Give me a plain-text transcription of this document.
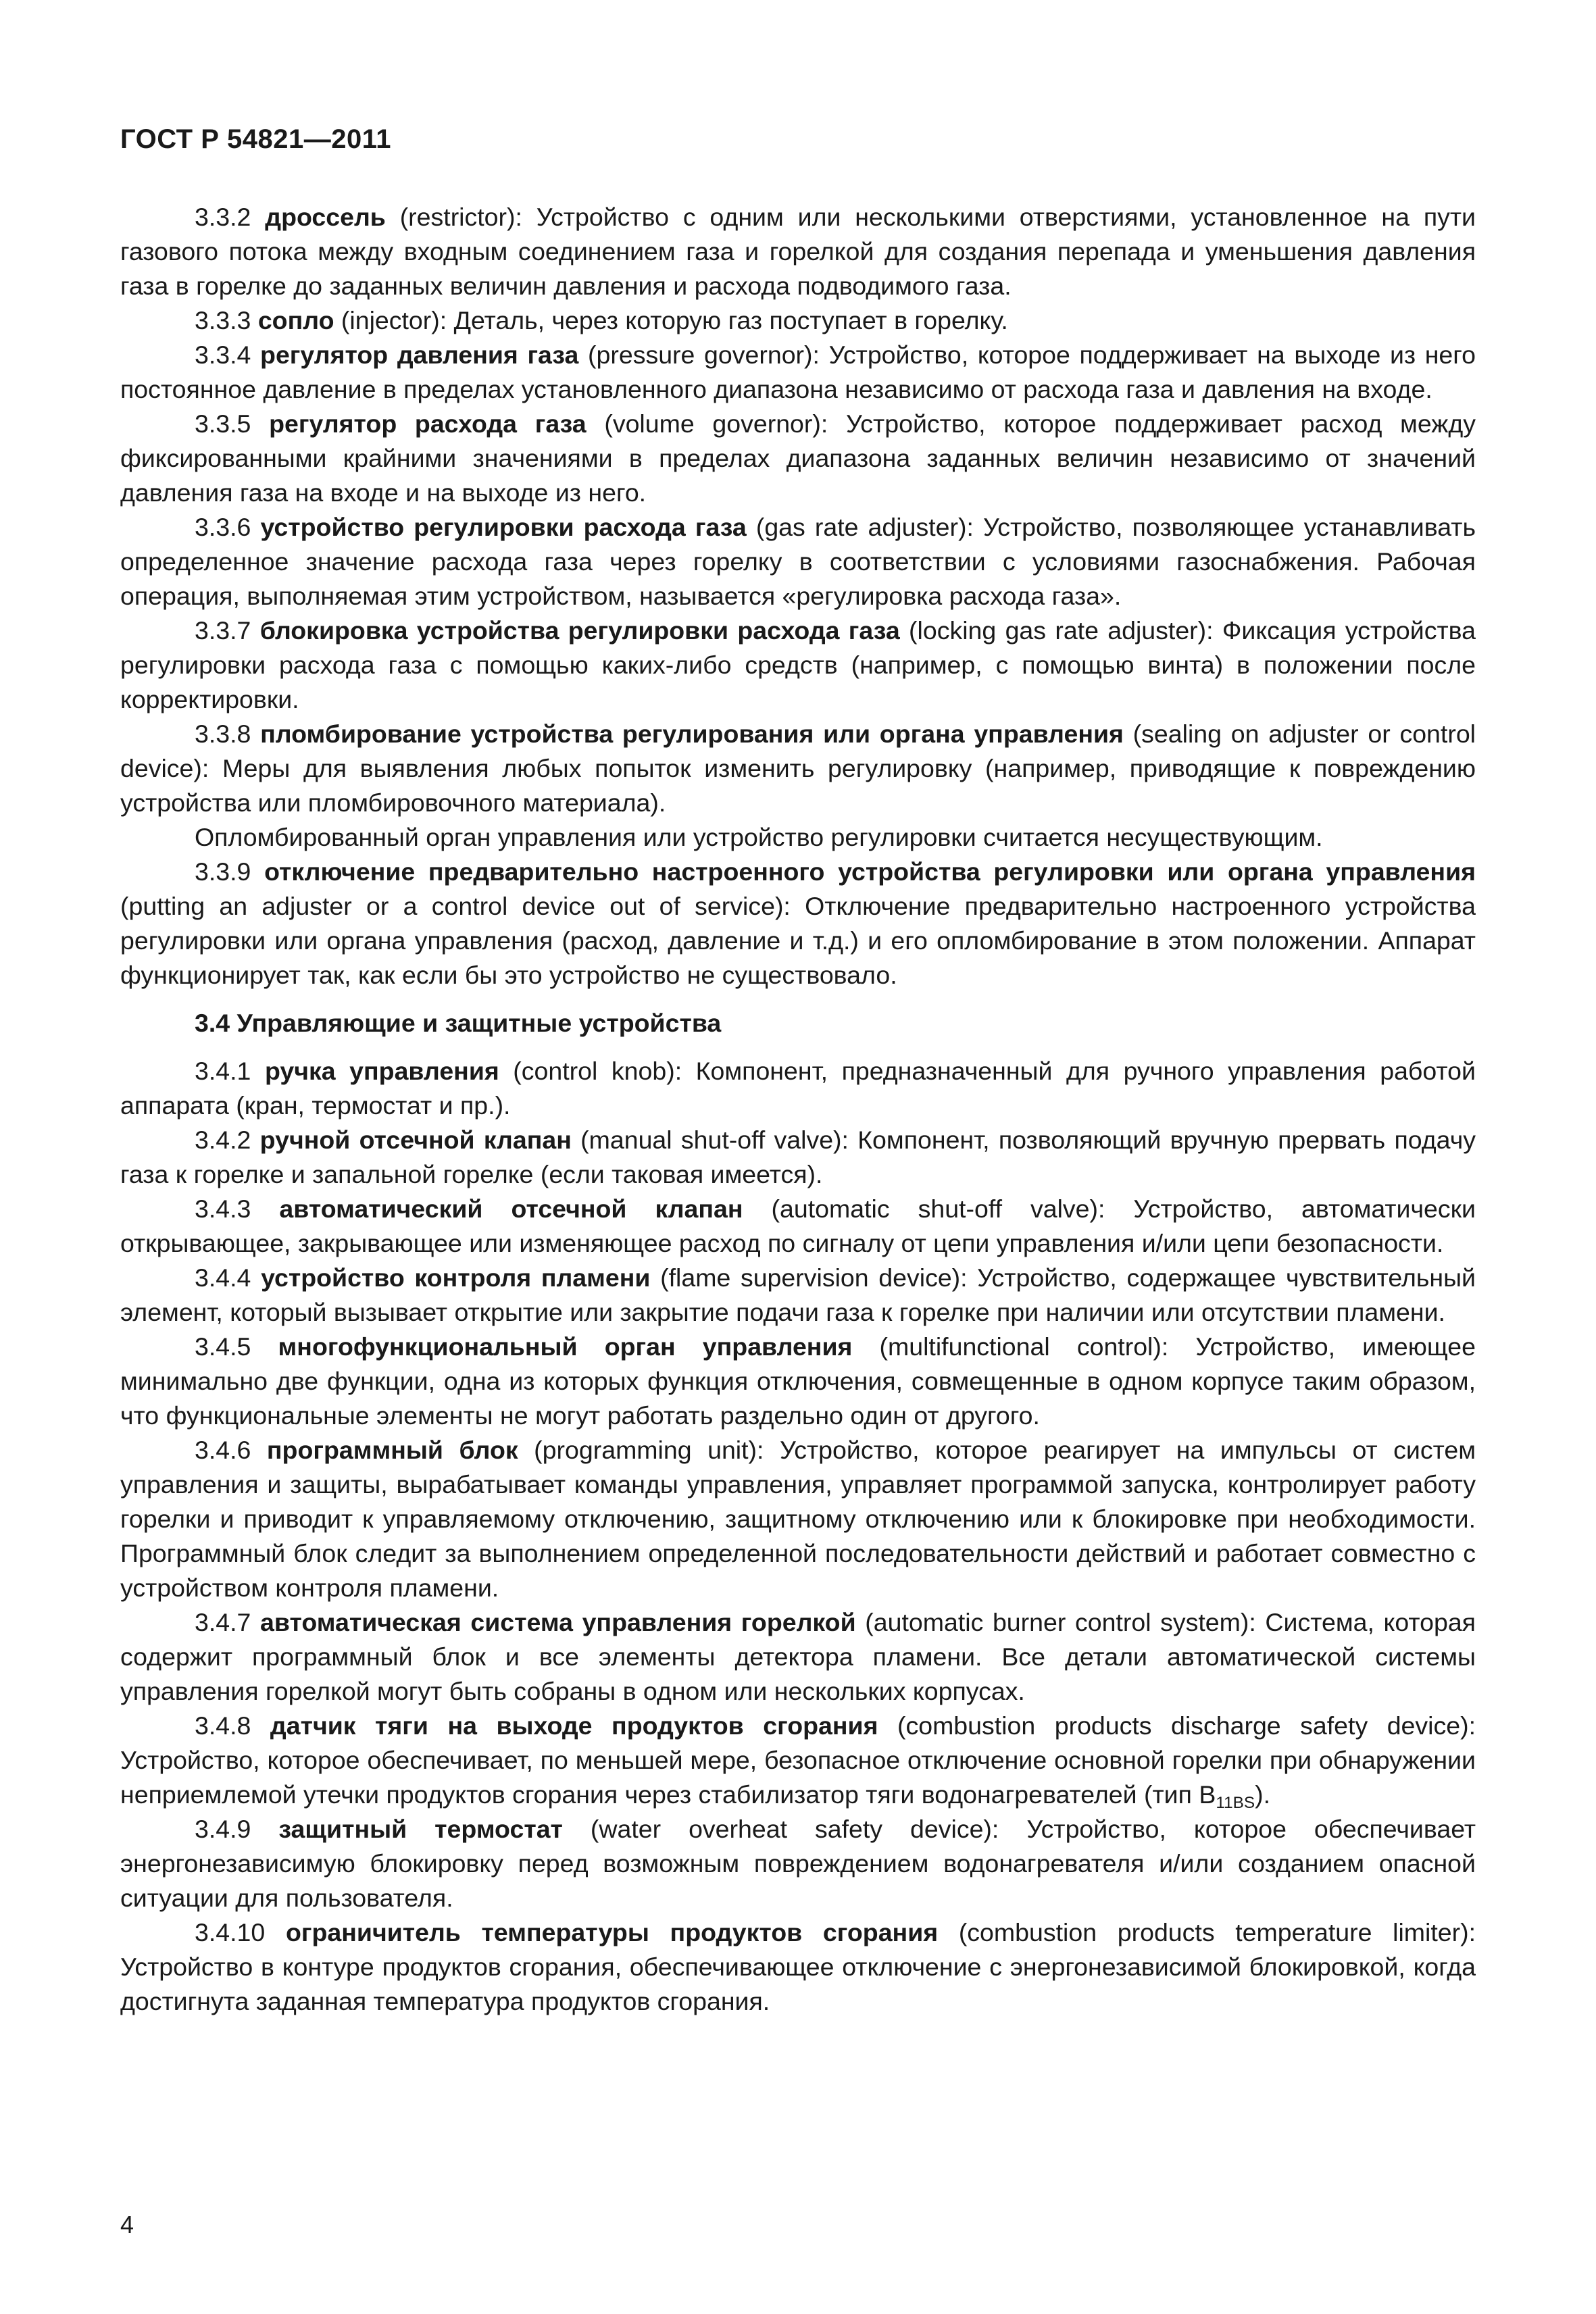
ГОСТ Р 54821—2011

3.3.2 дроссель (restrictor): Устройство с одним или несколькими отверстиями, установленное на пути газового потока между входным соединением газа и горелкой для создания перепада и уменьшения давления газа в горелке до заданных величин давления и расхода подводимого газа.

3.3.3 сопло (injector): Деталь, через которую газ поступает в горелку.

3.3.4 регулятор давления газа (pressure governor): Устройство, которое поддерживает на выходе из него постоянное давление в пределах установленного диапазона независимо от расхода газа и давления на входе.

3.3.5 регулятор расхода газа (volume governor): Устройство, которое поддерживает расход между фиксированными крайними значениями в пределах диапазона заданных величин независимо от значений давления газа на входе и на выходе из него.

3.3.6 устройство регулировки расхода газа (gas rate adjuster): Устройство, позволяющее устанавливать определенное значение расхода газа через горелку в соответствии с условиями газоснабжения. Рабочая операция, выполняемая этим устройством, называется «регулировка расхода газа».

3.3.7 блокировка устройства регулировки расхода газа (locking gas rate adjuster): Фиксация устройства регулировки расхода газа с помощью каких-либо средств (например, с помощью винта) в положении после корректировки.

3.3.8 пломбирование устройства регулирования или органа управления (sealing on adjuster or control device): Меры для выявления любых попыток изменить регулировку (например, приводящие к повреждению устройства или пломбировочного материала).

Опломбированный орган управления или устройство регулировки считается несуществующим.

3.3.9 отключение предварительно настроенного устройства регулировки или органа управления (putting an adjuster or a control device out of service): Отключение предварительно настроенного устройства регулировки или органа управления (расход, давление и т.д.) и его опломбирование в этом положении. Аппарат функционирует так, как если бы это устройство не существовало.

3.4 Управляющие и защитные устройства

3.4.1 ручка управления (control knob): Компонент, предназначенный для ручного управления работой аппарата (кран, термостат и пр.).

3.4.2 ручной отсечной клапан (manual shut-off valve): Компонент, позволяющий вручную прервать подачу газа к горелке и запальной горелке (если таковая имеется).

3.4.3 автоматический отсечной клапан (automatic shut-off valve): Устройство, автоматически открывающее, закрывающее или изменяющее расход по сигналу от цепи управления и/или цепи безопасности.

3.4.4 устройство контроля пламени (flame supervision device): Устройство, содержащее чувствительный элемент, который вызывает открытие или закрытие подачи газа к горелке при наличии или отсутствии пламени.

3.4.5 многофункциональный орган управления (multifunctional control): Устройство, имеющее минимально две функции, одна из которых функция отключения, совмещенные в одном корпусе таким образом, что функциональные элементы не могут работать раздельно один от другого.

3.4.6 программный блок (programming unit): Устройство, которое реагирует на импульсы от систем управления и защиты, вырабатывает команды управления, управляет программой запуска, контролирует работу горелки и приводит к управляемому отключению, защитному отключению или к блокировке при необходимости. Программный блок следит за выполнением определенной последовательности действий и работает совместно с устройством контроля пламени.

3.4.7 автоматическая система управления горелкой (automatic burner control system): Система, которая содержит программный блок и все элементы детектора пламени. Все детали автоматической системы управления горелкой могут быть собраны в одном или нескольких корпусах.

3.4.8 датчик тяги на выходе продуктов сгорания (combustion products discharge safety device): Устройство, которое обеспечивает, по меньшей мере, безопасное отключение основной горелки при обнаружении неприемлемой утечки продуктов сгорания через стабилизатор тяги водонагревателей (тип $B_{11BS}$).

3.4.9 защитный термостат (water overheat safety device): Устройство, которое обеспечивает энергонезависимую блокировку перед возможным повреждением водонагревателя и/или созданием опасной ситуации для пользователя.

3.4.10 ограничитель температуры продуктов сгорания (combustion products temperature limiter): Устройство в контуре продуктов сгорания, обеспечивающее отключение с энергонезависимой блокировкой, когда достигнута заданная температура продуктов сгорания.

4
